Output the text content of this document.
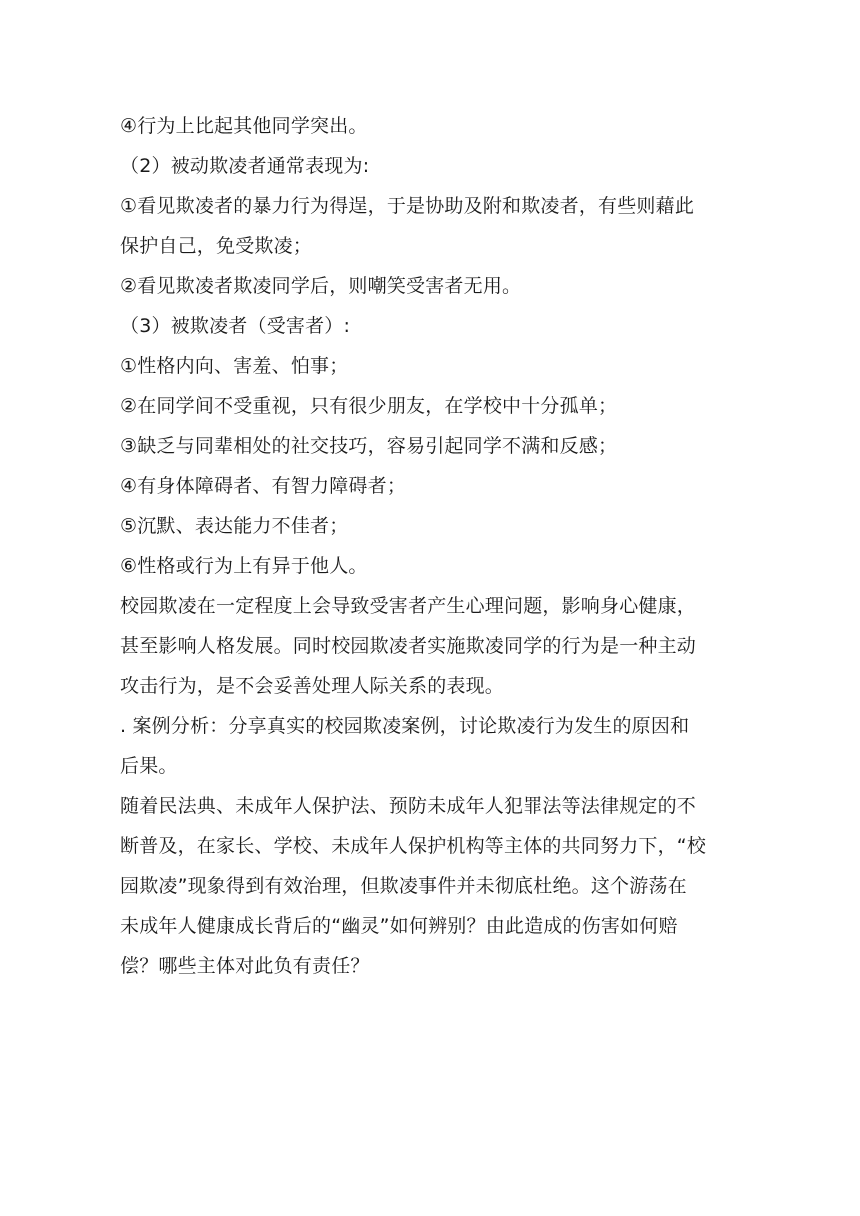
④行为上比起其他同学突出。
（2）被动欺凌者通常表现为:
①看见欺凌者的暴力行为得逞，于是协助及附和欺凌者，有些则藉此
保护自己，免受欺凌；
②看见欺凌者欺凌同学后，则嘲笑受害者无用。
（3）被欺凌者（受害者）:
①性格内向、害羞、怕事；
②在同学间不受重视，只有很少朋友，在学校中十分孤单；
③缺乏与同辈相处的社交技巧，容易引起同学不满和反感；
④有身体障碍者、有智力障碍者；
⑤沉默、表达能力不佳者；
⑥性格或行为上有异于他人。
校园欺凌在一定程度上会导致受害者产生心理问题，影响身心健康，
甚至影响人格发展。同时校园欺凌者实施欺凌同学的行为是一种主动
攻击行为，是不会妥善处理人际关系的表现。
. 案例分析：分享真实的校园欺凌案例，讨论欺凌行为发生的原因和
后果。
随着民法典、未成年人保护法、预防未成年人犯罪法等法律规定的不
断普及，在家长、学校、未成年人保护机构等主体的共同努力下，“校
园欺凌”现象得到有效治理，但欺凌事件并未彻底杜绝。这个游荡在
未成年人健康成长背后的“幽灵”如何辨别？由此造成的伤害如何赔
偿？哪些主体对此负有责任？
